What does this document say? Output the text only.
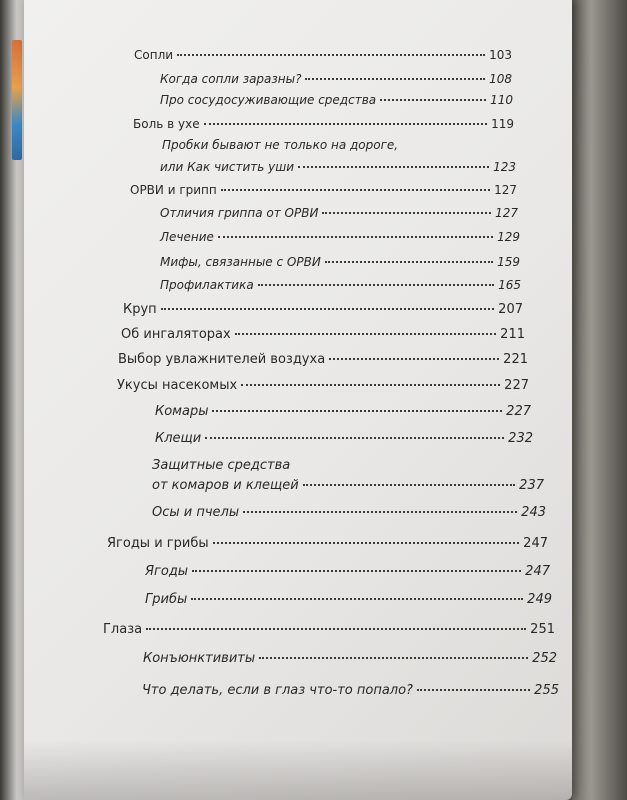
Сопли	103
Когда сопли заразны?	108
Про сосудосуживающие средства	110
Боль в ухе	119
Пробки бывают не только на дороге,
или Как чистить уши	123
ОРВИ и грипп	127
Отличия гриппа от ОРВИ	127
Лечение	129
Мифы, связанные с ОРВИ	159
Профилактика	165
Круп	207
Об ингаляторах	211
Выбор увлажнителей воздуха	221
Укусы насекомых	227
Комары	227
Клещи	232
Защитные средства
от комаров и клещей	237
Осы и пчелы	243
Ягоды и грибы	247
Ягоды	247
Грибы	249
Глаза	251
Конъюнктивиты	252
Что делать, если в глаз что-то попало?	255
